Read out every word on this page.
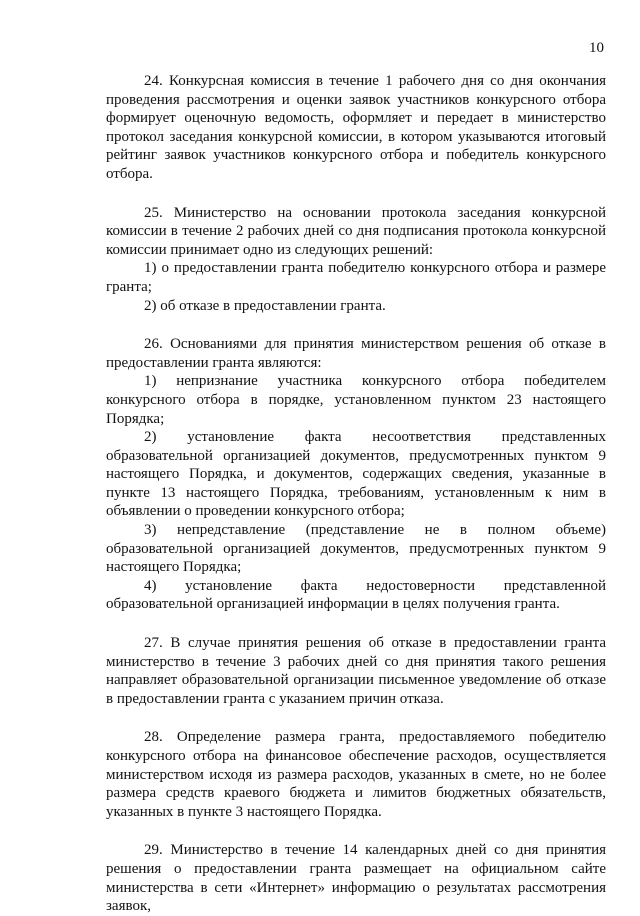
10

24. Конкурсная комиссия в течение 1 рабочего дня со дня окончания проведения рассмотрения и оценки заявок участников конкурсного отбора формирует оценочную ведомость, оформляет и передает в министерство протокол заседания конкурсной комиссии, в котором указываются итоговый рейтинг заявок участников конкурсного отбора и победитель конкурсного отбора.

25. Министерство на основании протокола заседания конкурсной комиссии в течение 2 рабочих дней со дня подписания протокола конкурсной комиссии принимает одно из следующих решений:

1) о предоставлении гранта победителю конкурсного отбора и размере гранта;

2) об отказе в предоставлении гранта.

26. Основаниями для принятия министерством решения об отказе в предоставлении гранта являются:

1) непризнание участника конкурсного отбора победителем конкурсного отбора в порядке, установленном пунктом 23 настоящего Порядка;

2) установление факта несоответствия представленных образовательной организацией документов, предусмотренных пунктом 9 настоящего Порядка, и документов, содержащих сведения, указанные в пункте 13 настоящего Порядка, требованиям, установленным к ним в объявлении о проведении конкурсного отбора;

3) непредставление (представление не в полном объеме) образовательной организацией документов, предусмотренных пунктом 9 настоящего Порядка;

4) установление факта недостоверности представленной образовательной организацией информации в целях получения гранта.

27. В случае принятия решения об отказе в предоставлении гранта министерство в течение 3 рабочих дней со дня принятия такого решения направляет образовательной организации письменное уведомление об отказе в предоставлении гранта с указанием причин отказа.

28. Определение размера гранта, предоставляемого победителю конкурсного отбора на финансовое обеспечение расходов, осуществляется министерством исходя из размера расходов, указанных в смете, но не более размера средств краевого бюджета и лимитов бюджетных обязательств, указанных в пункте 3 настоящего Порядка.

29. Министерство в течение 14 календарных дней со дня принятия решения о предоставлении гранта размещает на официальном сайте министерства в сети «Интернет» информацию о результатах рассмотрения заявок,
